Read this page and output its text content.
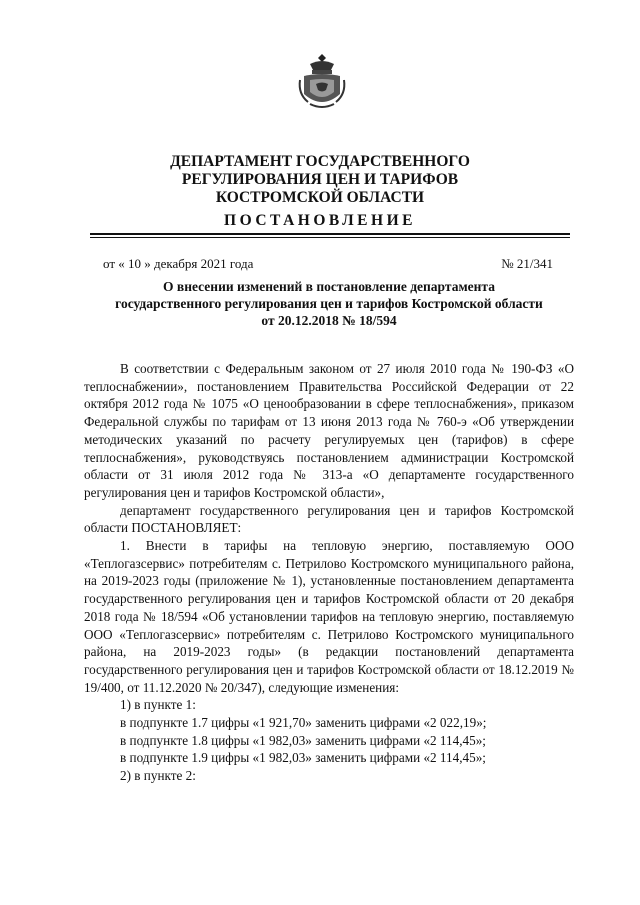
ДЕПАРТАМЕНТ ГОСУДАРСТВЕННОГО
РЕГУЛИРОВАНИЯ ЦЕН И ТАРИФОВ
КОСТРОМСКОЙ ОБЛАСТИ
ПОСТАНОВЛЕНИЕ
от « 10 » декабря 2021 года	№ 21/341
О внесении изменений в постановление департамента
государственного регулирования цен и тарифов Костромской области
от 20.12.2018 № 18/594

В соответствии с Федеральным законом от 27 июля 2010 года № 190-ФЗ «О теплоснабжении», постановлением Правительства Российской Федерации от 22 октября 2012 года № 1075 «О ценообразовании в сфере теплоснабжения», приказом Федеральной службы по тарифам от 13 июня 2013 года № 760-э «Об утверждении методических указаний по расчету регулируемых цен (тарифов) в сфере теплоснабжения», руководствуясь постановлением администрации Костромской области от 31 июля 2012 года № 313-а «О департаменте государственного регулирования цен и тарифов Костромской области»,

департамент государственного регулирования цен и тарифов Костромской области ПОСТАНОВЛЯЕТ:

1. Внести в тарифы на тепловую энергию, поставляемую ООО «Теплогазсервис» потребителям с. Петрилово Костромского муниципального района, на 2019-2023 годы (приложение № 1), установленные постановлением департамента государственного регулирования цен и тарифов Костромской области от 20 декабря 2018 года № 18/594 «Об установлении тарифов на тепловую энергию, поставляемую ООО «Теплогазсервис» потребителям с. Петрилово Костромского муниципального района, на 2019-2023 годы» (в редакции постановлений департамента государственного регулирования цен и тарифов Костромской области от 18.12.2019 № 19/400, от 11.12.2020 № 20/347), следующие изменения:

1) в пункте 1:

в подпункте 1.7 цифры «1 921,70» заменить цифрами «2 022,19»;

в подпункте 1.8 цифры «1 982,03» заменить цифрами «2 114,45»;

в подпункте 1.9 цифры «1 982,03» заменить цифрами «2 114,45»;

2) в пункте 2:
